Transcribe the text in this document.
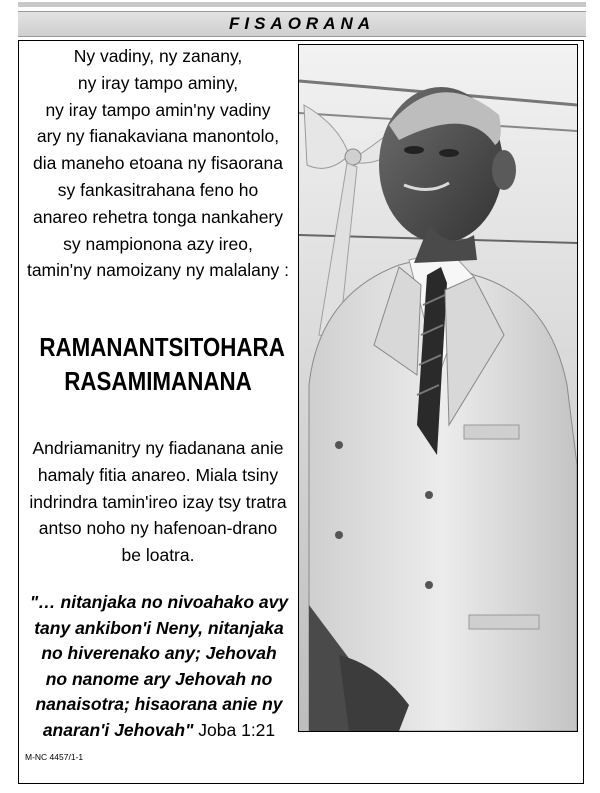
FISAORANA
Ny vadiny, ny zanany,
ny iray tampo aminy,
ny iray tampo amin'ny vadiny
ary ny fianakaviana manontolo,
dia maneho etoana ny fisaorana
sy fankasitrahana feno ho
anareo rehetra tonga nankahery
sy nampionona azy ireo,
tamin'ny namoizany ny malalany :
RAMANANTSITOHARA
RASAMIMANANA
Andriamanitry ny fiadanana anie
hamaly fitia anareo. Miala tsiny
indrindra tamin'ireo izay tsy tratra
antso noho ny hafenoan-drano
be loatra.
"… nitanjaka no nivoahako avy
tany ankibon'i Neny, nitanjaka
no hiverenako any; Jehovah
no nanome ary Jehovah no
nanaisotra; hisaorana anie ny
anaran'i Jehovah" Joba 1:21
M-NC 4457/1-1
